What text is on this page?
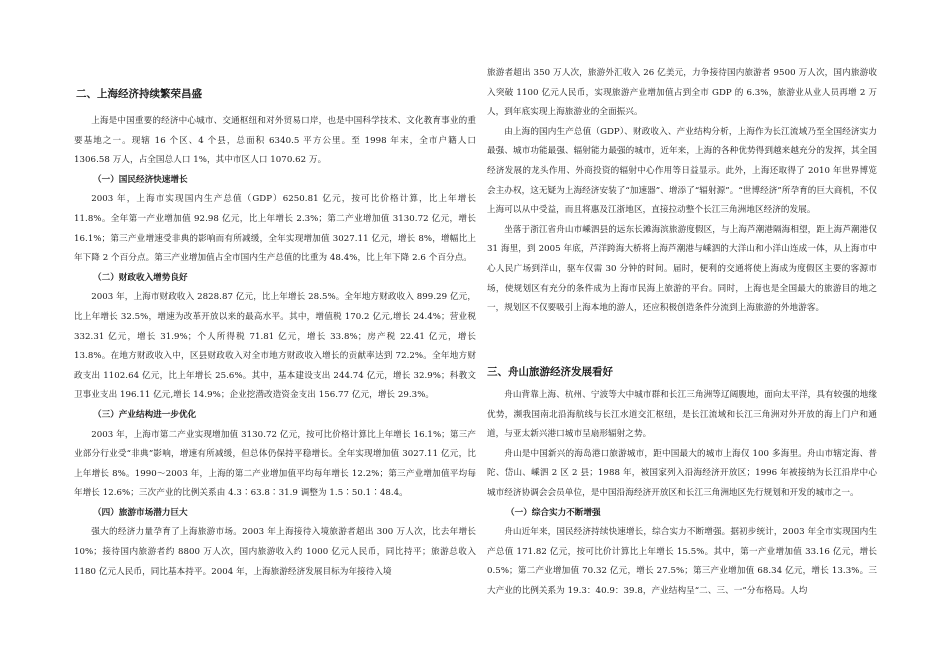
二、上海经济持续繁荣昌盛

上海是中国重要的经济中心城市、交通枢纽和对外贸易口岸，也是中国科学技术、文化教育事业的重要基地之一。现辖 16 个区、4 个县，总面积 6340.5 平方公里。至 1998 年末，全市户籍人口 1306.58 万人，占全国总人口 1%，其中市区人口 1070.62 万。

（一）国民经济快速增长

2003 年，上海市实现国内生产总值（GDP）6250.81 亿元，按可比价格计算，比上年增长 11.8%。全年第一产业增加值 92.98 亿元，比上年增长 2.3%；第二产业增加值 3130.72 亿元，增长 16.1%；第三产业增速受非典的影响而有所减缓，全年实现增加值 3027.11 亿元，增长 8%，增幅比上年下降 2 个百分点。第三产业增加值占全市国内生产总值的比重为 48.4%，比上年下降 2.6 个百分点。

（二）财政收入增势良好

2003 年，上海市财政收入 2828.87 亿元，比上年增长 28.5%。全年地方财政收入 899.29 亿元，比上年增长 32.5%，增速为改革开放以来的最高水平。其中，增值税 170.2 亿元,增长 24.4%；营业税 332.31 亿元，增长 31.9%；个人所得税 71.81 亿元，增长 33.8%；房产税 22.41 亿元，增长 13.8%。在地方财政收入中，区县财政收入对全市地方财政收入增长的贡献率达到 72.2%。全年地方财政支出 1102.64 亿元，比上年增长 25.6%。其中，基本建设支出 244.74 亿元，增长 32.9%；科教文卫事业支出 196.11 亿元,增长 14.9%；企业挖潜改造资金支出 156.77 亿元，增长 29.3%。

（三）产业结构进一步优化

2003 年，上海市第二产业实现增加值 3130.72 亿元，按可比价格计算比上年增长 16.1%；第三产业部分行业受“非典”影响，增速有所减缓，但总体仍保持平稳增长。全年实现增加值 3027.11 亿元，比上年增长 8%。1990～2003 年，上海的第二产业增加值平均每年增长 12.2%；第三产业增加值平均每年增长 12.6%；三次产业的比例关系由 4.3∶63.8∶31.9 调整为 1.5∶50.1∶48.4。

（四）旅游市场潜力巨大

强大的经济力量孕育了上海旅游市场。2003 年上海接待入境旅游者超出 300 万人次，比去年增长 10%；接待国内旅游者约 8800 万人次，国内旅游收入约 1000 亿元人民币，同比持平；旅游总收入 1180 亿元人民币，同比基本持平。2004 年，上海旅游经济发展目标为年接待入境

旅游者超出 350 万人次，旅游外汇收入 26 亿美元，力争接待国内旅游者 9500 万人次，国内旅游收入突破 1100 亿元人民币，实现旅游产业增加值占到全市 GDP 的 6.3%，旅游业从业人员再增 2 万人，到年底实现上海旅游业的全面振兴。

由上海的国内生产总值（GDP）、财政收入、产业结构分析，上海作为长江流域乃至全国经济实力最强、城市功能最强、辐射能力最强的城市，近年来，上海的各种优势得到越来越充分的发挥，其全国经济发展的龙头作用、外商投资的辐射中心作用等日益显示。此外，上海还取得了 2010 年世界博览会主办权，这无疑为上海经济安装了“加速器”、增添了“辐射源”。“世博经济”所孕育的巨大商机，不仅上海可以从中受益，而且将惠及江浙地区，直接拉动整个长江三角洲地区经济的发展。

坐落于浙江省舟山市嵊泗县的远东长滩海滨旅游度假区，与上海芦潮港隔海相望，距上海芦潮港仅 31 海里，到 2005 年底，芦洋跨海大桥将上海芦潮港与嵊泗的大洋山和小洋山连成一体，从上海市中心人民广场到洋山，驱车仅需 30 分钟的时间。届时，便利的交通将使上海成为度假区主要的客源市场，使规划区有充分的条件成为上海市民海上旅游的平台。同时，上海也是全国最大的旅游目的地之一，规划区不仅要吸引上海本地的游人，还应积极创造条件分流到上海旅游的外地游客。

三、舟山旅游经济发展看好

舟山背靠上海、杭州、宁波等大中城市群和长江三角洲等辽阔腹地，面向太平洋，具有较强的地缘优势，濒我国南北沿海航线与长江水道交汇枢纽，是长江流域和长江三角洲对外开放的海上门户和通道，与亚太新兴港口城市呈扇形辐射之势。

舟山是中国新兴的海岛港口旅游城市，距中国最大的城市上海仅 100 多海里。舟山市辖定海、普陀、岱山、嵊泗 2 区 2 县；1988 年，被国家列入沿海经济开放区；1996 年被接纳为长江沿岸中心城市经济协调会会员单位，是中国沿海经济开放区和长江三角洲地区先行规划和开发的城市之一。

（一）综合实力不断增强

舟山近年来，国民经济持续快速增长，综合实力不断增强。据初步统计，2003 年全市实现国内生产总值 171.82 亿元，按可比价计算比上年增长 15.5%。其中，第一产业增加值 33.16 亿元，增长 0.5%；第二产业增加值 70.32 亿元，增长 27.5%；第三产业增加值 68.34 亿元，增长 13.3%。三大产业的比例关系为 19.3：40.9：39.8，产业结构呈“二、三、一”分布格局。人均
